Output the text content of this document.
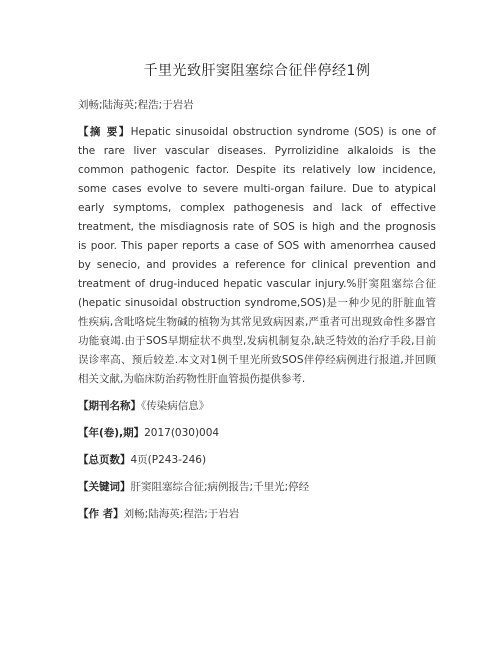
千里光致肝窦阻塞综合征伴停经1例
刘畅;陆海英;程浩;于岩岩
【摘 要】Hepatic sinusoidal obstruction syndrome (SOS) is one of the rare liver vascular diseases. Pyrrolizidine alkaloids is the common pathogenic factor. Despite its relatively low incidence, some cases evolve to severe multi-organ failure. Due to atypical early symptoms, complex pathogenesis and lack of effective treatment, the misdiagnosis rate of SOS is high and the prognosis is poor. This paper reports a case of SOS with amenorrhea caused by senecio, and provides a reference for clinical prevention and treatment of drug-induced hepatic vascular injury.%肝窦阻塞综合征(hepatic sinusoidal obstruction syndrome,SOS)是一种少见的肝脏血管性疾病,含吡咯烷生物碱的植物为其常见致病因素,严重者可出现致命性多器官功能衰竭.由于SOS早期症状不典型,发病机制复杂,缺乏特效的治疗手段,目前误诊率高、预后较差.本文对1例千里光所致SOS伴停经病例进行报道,并回顾相关文献,为临床防治药物性肝血管损伤提供参考.
【期刊名称】《传染病信息》
【年(卷),期】2017(030)004
【总页数】4页(P243-246)
【关键词】肝窦阻塞综合征;病例报告;千里光;停经
【作 者】刘畅;陆海英;程浩;于岩岩
